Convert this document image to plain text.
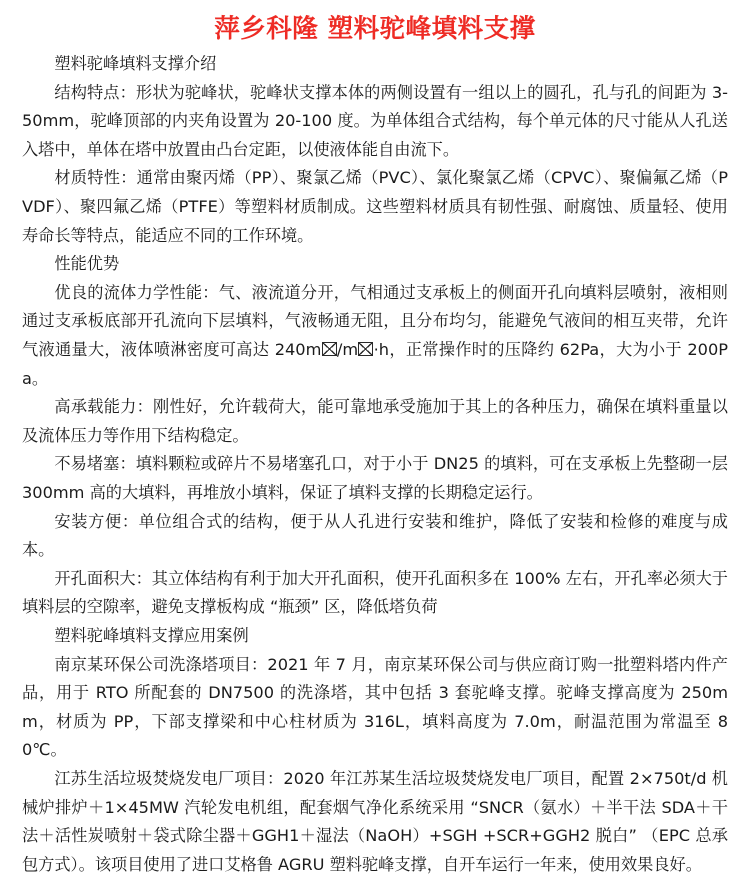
萍乡科隆 塑料驼峰填料支撑

塑料驼峰填料支撑介绍

结构特点：形状为驼峰状，驼峰状支撑本体的两侧设置有一组以上的圆孔，孔与孔的间距为 3-50mm，驼峰顶部的内夹角设置为 20-100 度。为单体组合式结构，每个单元体的尺寸能从人孔送入塔中，单体在塔中放置由凸台定距，以使液体能自由流下。

材质特性：通常由聚丙烯（PP）、聚氯乙烯（PVC）、氯化聚氯乙烯（CPVC）、聚偏氟乙烯（PVDF）、聚四氟乙烯（PTFE）等塑料材质制成。这些塑料材质具有韧性强、耐腐蚀、质量轻、使用寿命长等特点，能适应不同的工作环境。

性能优势

优良的流体力学性能：气、液流道分开，气相通过支承板上的侧面开孔向填料层喷射，液相则通过支承板底部开孔流向下层填料，气液畅通无阻，且分布均匀，能避免气液间的相互夹带，允许气液通量大，液体喷淋密度可高达 240m /m ·h，正常操作时的压降约 62Pa，大为小于 200Pa。

高承载能力：刚性好，允许载荷大，能可靠地承受施加于其上的各种压力，确保在填料重量以及流体压力等作用下结构稳定。

不易堵塞：填料颗粒或碎片不易堵塞孔口，对于小于 DN25 的填料，可在支承板上先整砌一层 300mm 高的大填料，再堆放小填料，保证了填料支撑的长期稳定运行。

安装方便：单位组合式的结构，便于从人孔进行安装和维护，降低了安装和检修的难度与成本。

开孔面积大：其立体结构有利于加大开孔面积，使开孔面积多在 100% 左右，开孔率必须大于填料层的空隙率，避免支撑板构成 “瓶颈” 区，降低塔负荷

塑料驼峰填料支撑应用案例

南京某环保公司洗涤塔项目：2021 年 7 月，南京某环保公司与供应商订购一批塑料塔内件产品，用于 RTO 所配套的 DN7500 的洗涤塔，其中包括 3 套驼峰支撑。驼峰支撑高度为 250mm，材质为 PP，下部支撑梁和中心柱材质为 316L，填料高度为 7.0m，耐温范围为常温至 80℃。

江苏生活垃圾焚烧发电厂项目：2020 年江苏某生活垃圾焚烧发电厂项目，配置 2×750t/d 机械炉排炉＋1×45MW 汽轮发电机组，配套烟气净化系统采用 “SNCR（氨水）＋半干法 SDA＋干法＋活性炭喷射＋袋式除尘器＋GGH1＋湿法（NaOH）+SGH +SCR+GGH2 脱白” （EPC 总承包方式）。该项目使用了进口艾格鲁 AGRU 塑料驼峰支撑，自开车运行一年来，使用效果良好。
